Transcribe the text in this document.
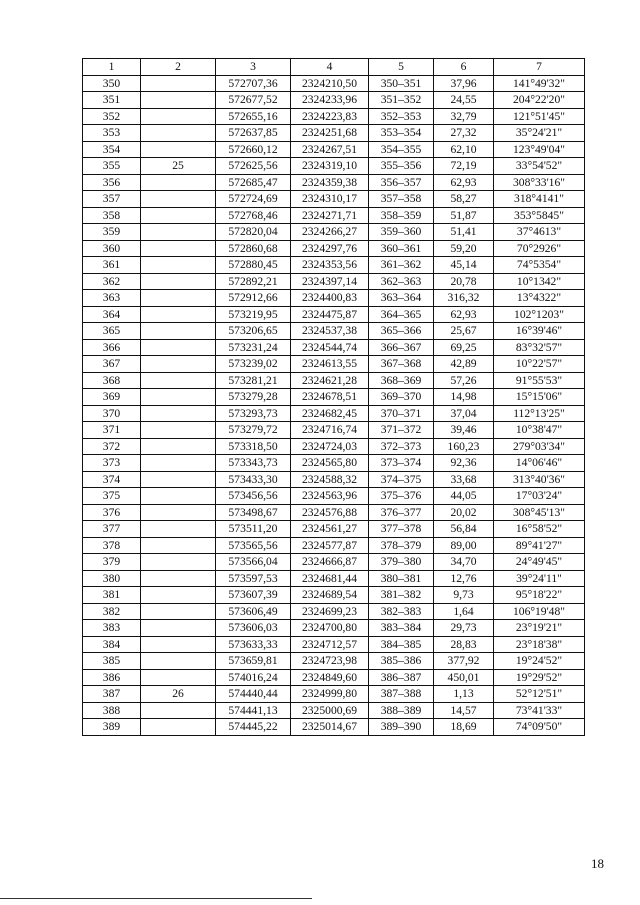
1	2	3	4	5	6	7
350		572707,36	2324210,50	350–351	37,96	141°49'32"
351		572677,52	2324233,96	351–352	24,55	204°22'20"
352		572655,16	2324223,83	352–353	32,79	121°51'45"
353		572637,85	2324251,68	353–354	27,32	35°24'21"
354		572660,12	2324267,51	354–355	62,10	123°49'04"
355	25	572625,56	2324319,10	355–356	72,19	33°54'52"
356		572685,47	2324359,38	356–357	62,93	308°33'16"
357		572724,69	2324310,17	357–358	58,27	318°4141"
358		572768,46	2324271,71	358–359	51,87	353°5845"
359		572820,04	2324266,27	359–360	51,41	37°4613"
360		572860,68	2324297,76	360–361	59,20	70°2926"
361		572880,45	2324353,56	361–362	45,14	74°5354"
362		572892,21	2324397,14	362–363	20,78	10°1342"
363		572912,66	2324400,83	363–364	316,32	13°4322"
364		573219,95	2324475,87	364–365	62,93	102°1203"
365		573206,65	2324537,38	365–366	25,67	16°39'46"
366		573231,24	2324544,74	366–367	69,25	83°32'57"
367		573239,02	2324613,55	367–368	42,89	10°22'57"
368		573281,21	2324621,28	368–369	57,26	91°55'53"
369		573279,28	2324678,51	369–370	14,98	15°15'06"
370		573293,73	2324682,45	370–371	37,04	112°13'25"
371		573279,72	2324716,74	371–372	39,46	10°38'47"
372		573318,50	2324724,03	372–373	160,23	279°03'34"
373		573343,73	2324565,80	373–374	92,36	14°06'46"
374		573433,30	2324588,32	374–375	33,68	313°40'36"
375		573456,56	2324563,96	375–376	44,05	17°03'24"
376		573498,67	2324576,88	376–377	20,02	308°45'13"
377		573511,20	2324561,27	377–378	56,84	16°58'52"
378		573565,56	2324577,87	378–379	89,00	89°41'27"
379		573566,04	2324666,87	379–380	34,70	24°49'45"
380		573597,53	2324681,44	380–381	12,76	39°24'11"
381		573607,39	2324689,54	381–382	9,73	95°18'22"
382		573606,49	2324699,23	382–383	1,64	106°19'48"
383		573606,03	2324700,80	383–384	29,73	23°19'21"
384		573633,33	2324712,57	384–385	28,83	23°18'38"
385		573659,81	2324723,98	385–386	377,92	19°24'52"
386		574016,24	2324849,60	386–387	450,01	19°29'52"
387	26	574440,44	2324999,80	387–388	1,13	52°12'51"
388		574441,13	2325000,69	388–389	14,57	73°41'33"
389		574445,22	2325014,67	389–390	18,69	74°09'50"
18
